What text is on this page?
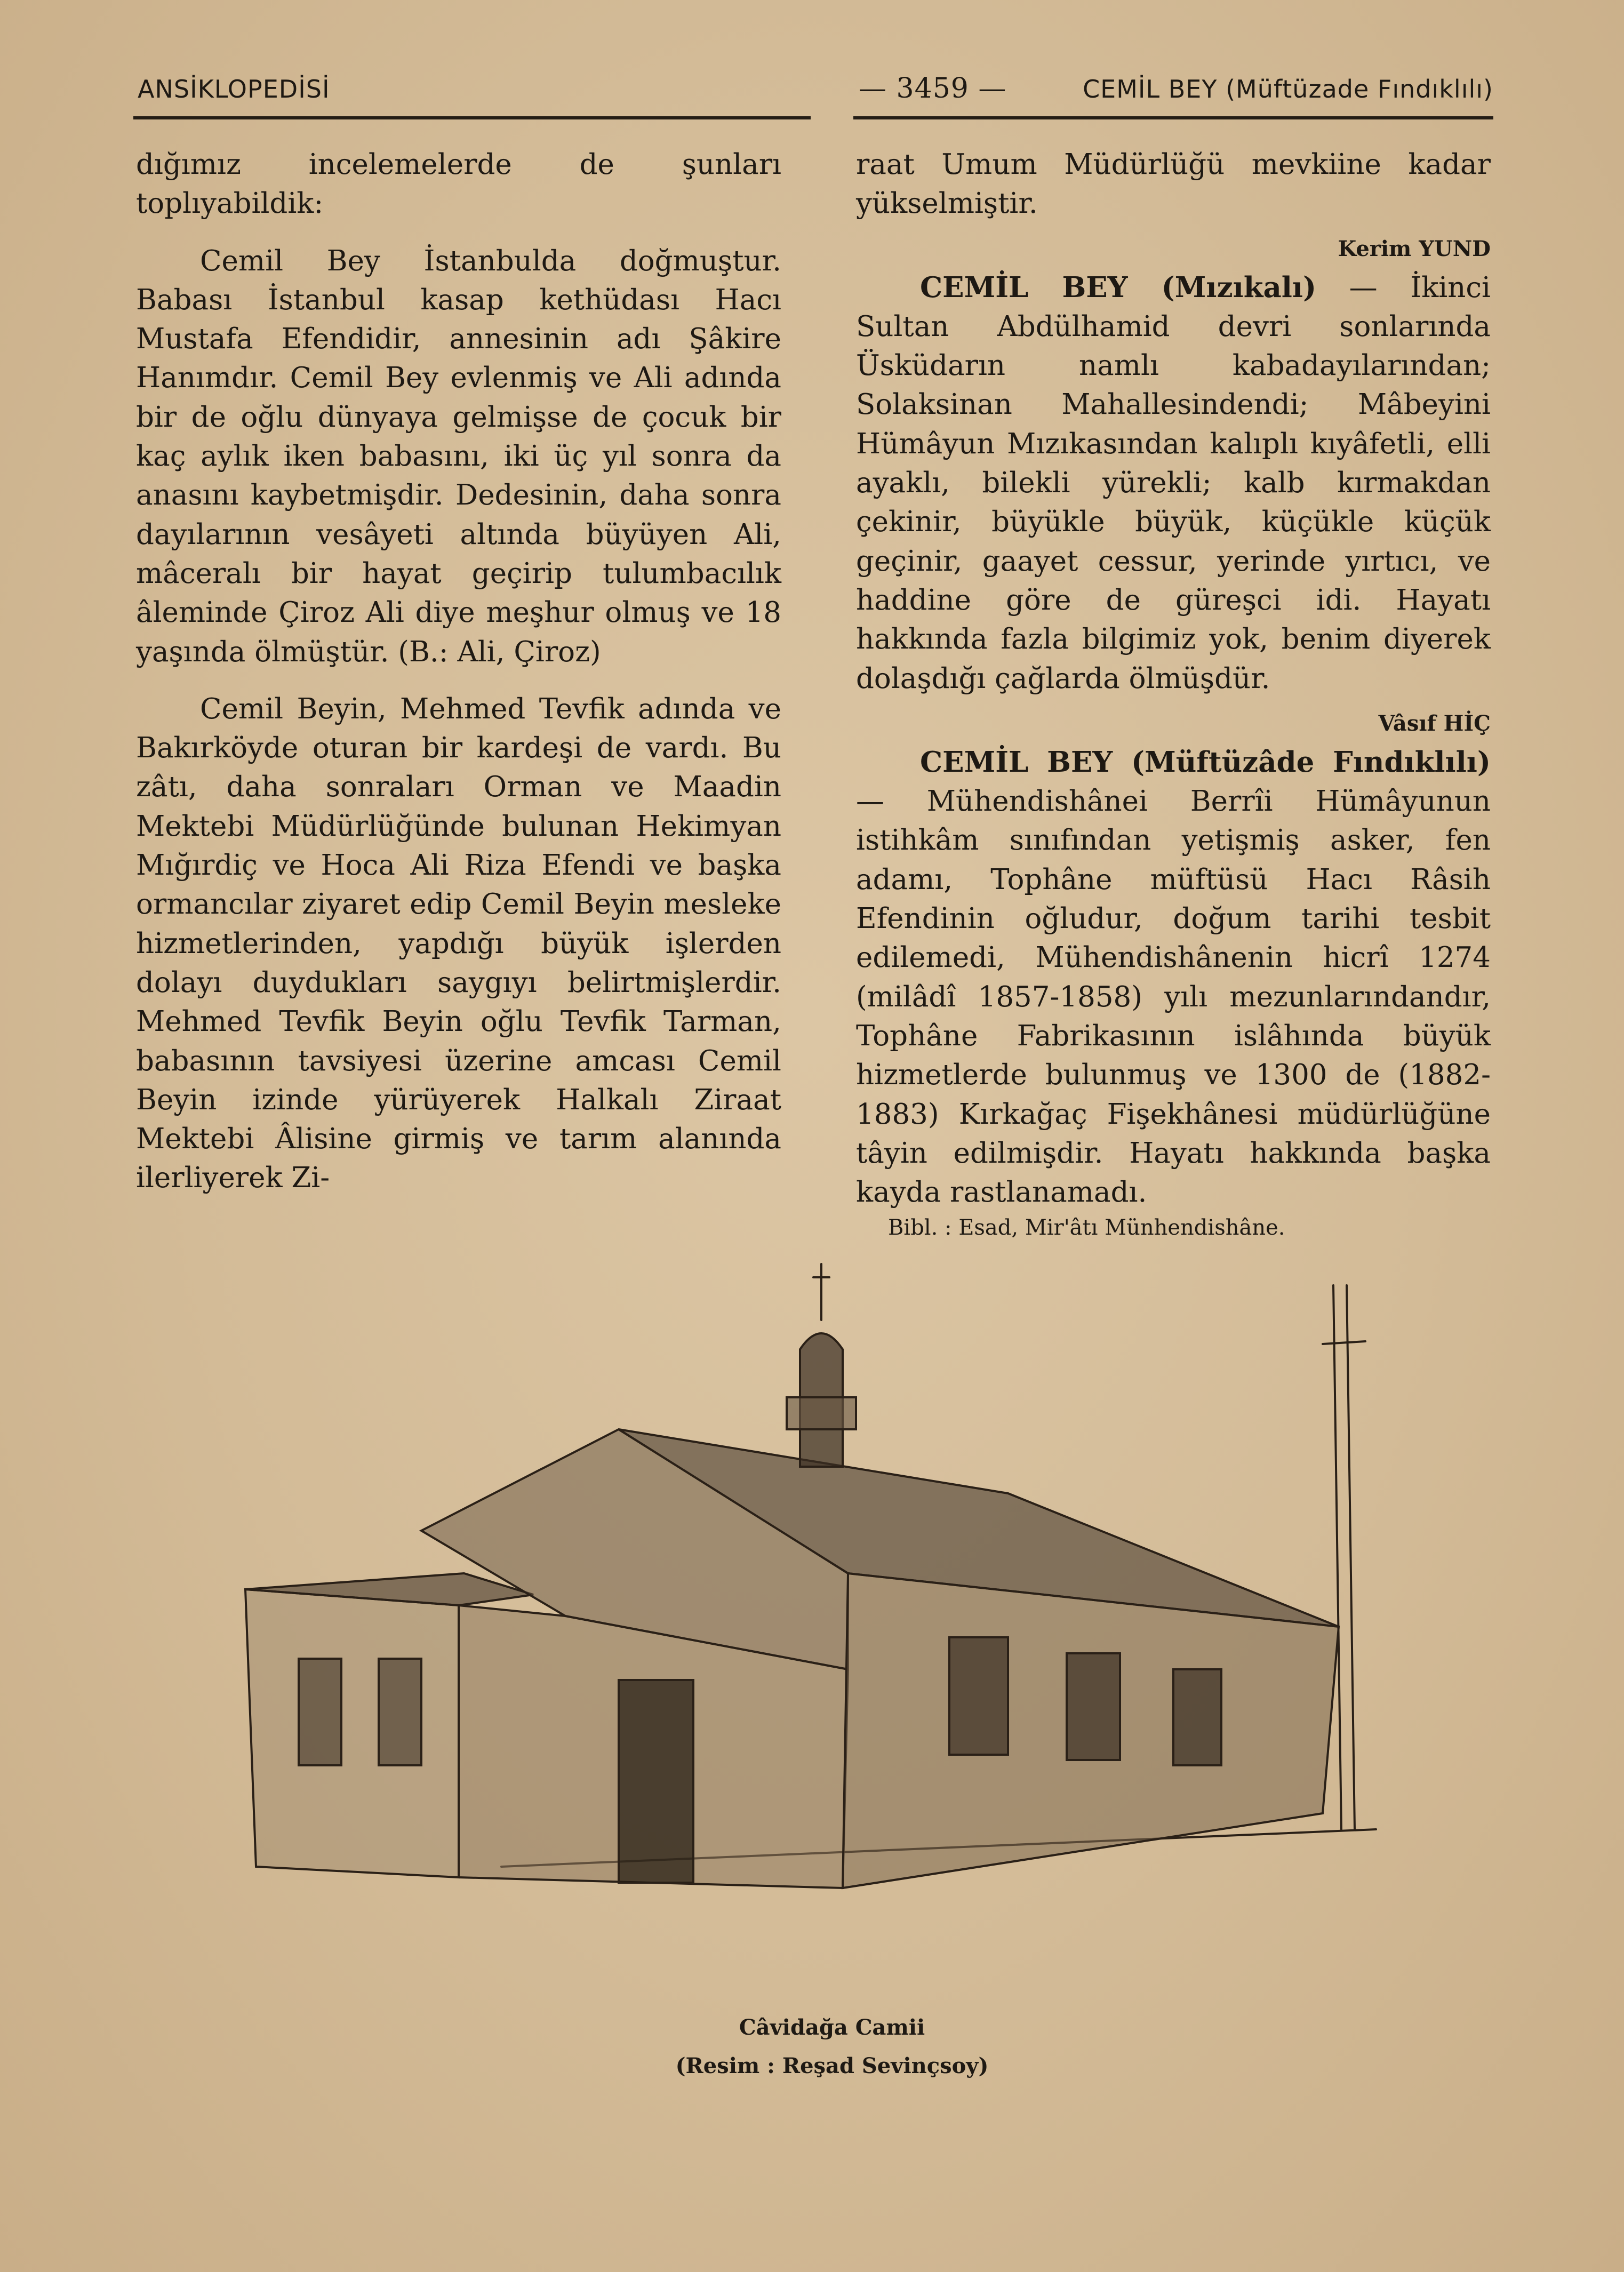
ANSİKLOPEDİSİ	— 3459 —	CEMİL BEY (Müftüzade Fındıklılı)

dığımız incelemelerde de şunları toplıyabildik:

Cemil Bey İstanbulda doğmuştur. Babası İstanbul kasap kethüdası Hacı Mustafa Efendidir, annesinin adı Şâkire Hanımdır. Cemil Bey evlenmiş ve Ali adında bir de oğlu dünyaya gelmişse de çocuk bir kaç aylık iken babasını, iki üç yıl sonra da anasını kaybetmişdir. Dedesinin, daha sonra dayılarının vesâyeti altında büyüyen Ali, mâceralı bir hayat geçirip tulumbacılık âleminde Çiroz Ali diye meşhur olmuş ve 18 yaşında ölmüştür. (B.: Ali, Çiroz)

Cemil Beyin, Mehmed Tevfik adında ve Bakırköyde oturan bir kardeşi de vardı. Bu zâtı, daha sonraları Orman ve Maadin Mektebi Müdürlüğünde bulunan Hekimyan Mığırdiç ve Hoca Ali Riza Efendi ve başka ormancılar ziyaret edip Cemil Beyin mesleke hizmetlerinden, yapdığı büyük işlerden dolayı duydukları saygıyı belirtmişlerdir. Mehmed Tevfik Beyin oğlu Tevfik Tarman, babasının tavsiyesi üzerine amcası Cemil Beyin izinde yürüyerek Halkalı Ziraat Mektebi Âlisine girmiş ve tarım alanında ilerliyerek Zi-

raat Umum Müdürlüğü mevkiine kadar yükselmiştir.

Kerim YUND

CEMİL BEY (Mızıkalı) — İkinci Sultan Abdülhamid devri sonlarında Üsküdarın namlı kabadayılarından; Solaksinan Mahallesindendi; Mâbeyini Hümâyun Mızıkasından kalıplı kıyâfetli, elli ayaklı, bilekli yürekli; kalb kırmakdan çekinir, büyükle büyük, küçükle küçük geçinir, gaayet cessur, yerinde yırtıcı, ve haddine göre de güreşci idi. Hayatı hakkında fazla bilgimiz yok, benim diyerek dolaşdığı çağlarda ölmüşdür.

Vâsıf HİÇ

CEMİL BEY (Müftüzâde Fındıklılı) — Mühendishânei Berrîi Hümâyunun istihkâm sınıfından yetişmiş asker, fen adamı, Tophâne müftüsü Hacı Râsih Efendinin oğludur, doğum tarihi tesbit edilemedi, Mühendishânenin hicrî 1274 (milâdî 1857-1858) yılı mezunlarındandır, Tophâne Fabrikasının islâhında büyük hizmetlerde bulunmuş ve 1300 de (1882-1883) Kırkağaç Fişekhânesi müdürlüğüne tâyin edilmişdir. Hayatı hakkında başka kayda rastlanamadı.

Bibl. : Esad, Mir'âtı Münhendishâne.

Câvidağa Camii
(Resim : Reşad Sevinçsoy)
